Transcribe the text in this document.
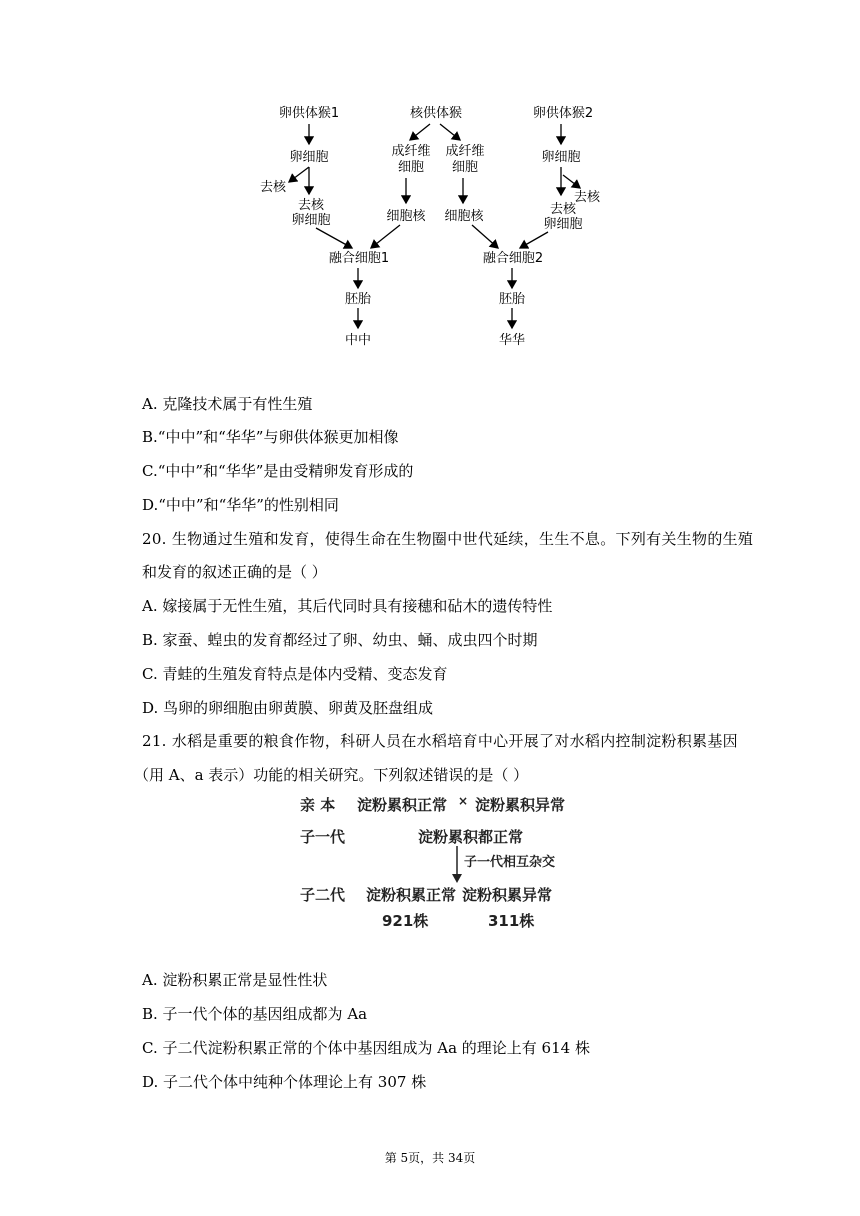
卵供体猴1	核供体猴	卵供体猴2
卵细胞	卵细胞
成纤维
细胞
成纤维
细胞
去核
去核
去核
卵细胞
去核
卵细胞
细胞核	细胞核
融合细胞1	融合细胞2
胚胎	胚胎
中中	华华
A. 克隆技术属于有性生殖
B.“中中”和“华华”与卵供体猴更加相像
C.“中中”和“华华”是由受精卵发育形成的
D.“中中”和“华华”的性别相同
20. 生物通过生殖和发育，使得生命在生物圈中世代延续，生生不息。下列有关生物的生殖
和发育的叙述正确的是（ ）
A. 嫁接属于无性生殖，其后代同时具有接穗和砧木的遗传特性
B. 家蚕、蝗虫的发育都经过了卵、幼虫、蛹、成虫四个时期
C. 青蛙的生殖发育特点是体内受精、变态发育
D. 鸟卵的卵细胞由卵黄膜、卵黄及胚盘组成
21. 水稻是重要的粮食作物，科研人员在水稻培育中心开展了对水稻内控制淀粉积累基因
（用 A、a 表示）功能的相关研究。下列叙述错误的是（ ）
亲 本 淀粉累积正常 × 淀粉累积异常
子一代	淀粉累积都正常
子一代相互杂交
子二代 淀粉积累正常 淀粉积累异常
921株	311株
A. 淀粉积累正常是显性性状
B. 子一代个体的基因组成都为 Aa
C. 子二代淀粉积累正常的个体中基因组成为 Aa 的理论上有 614 株
D. 子二代个体中纯种个体理论上有 307 株
第 5页，共 34页
